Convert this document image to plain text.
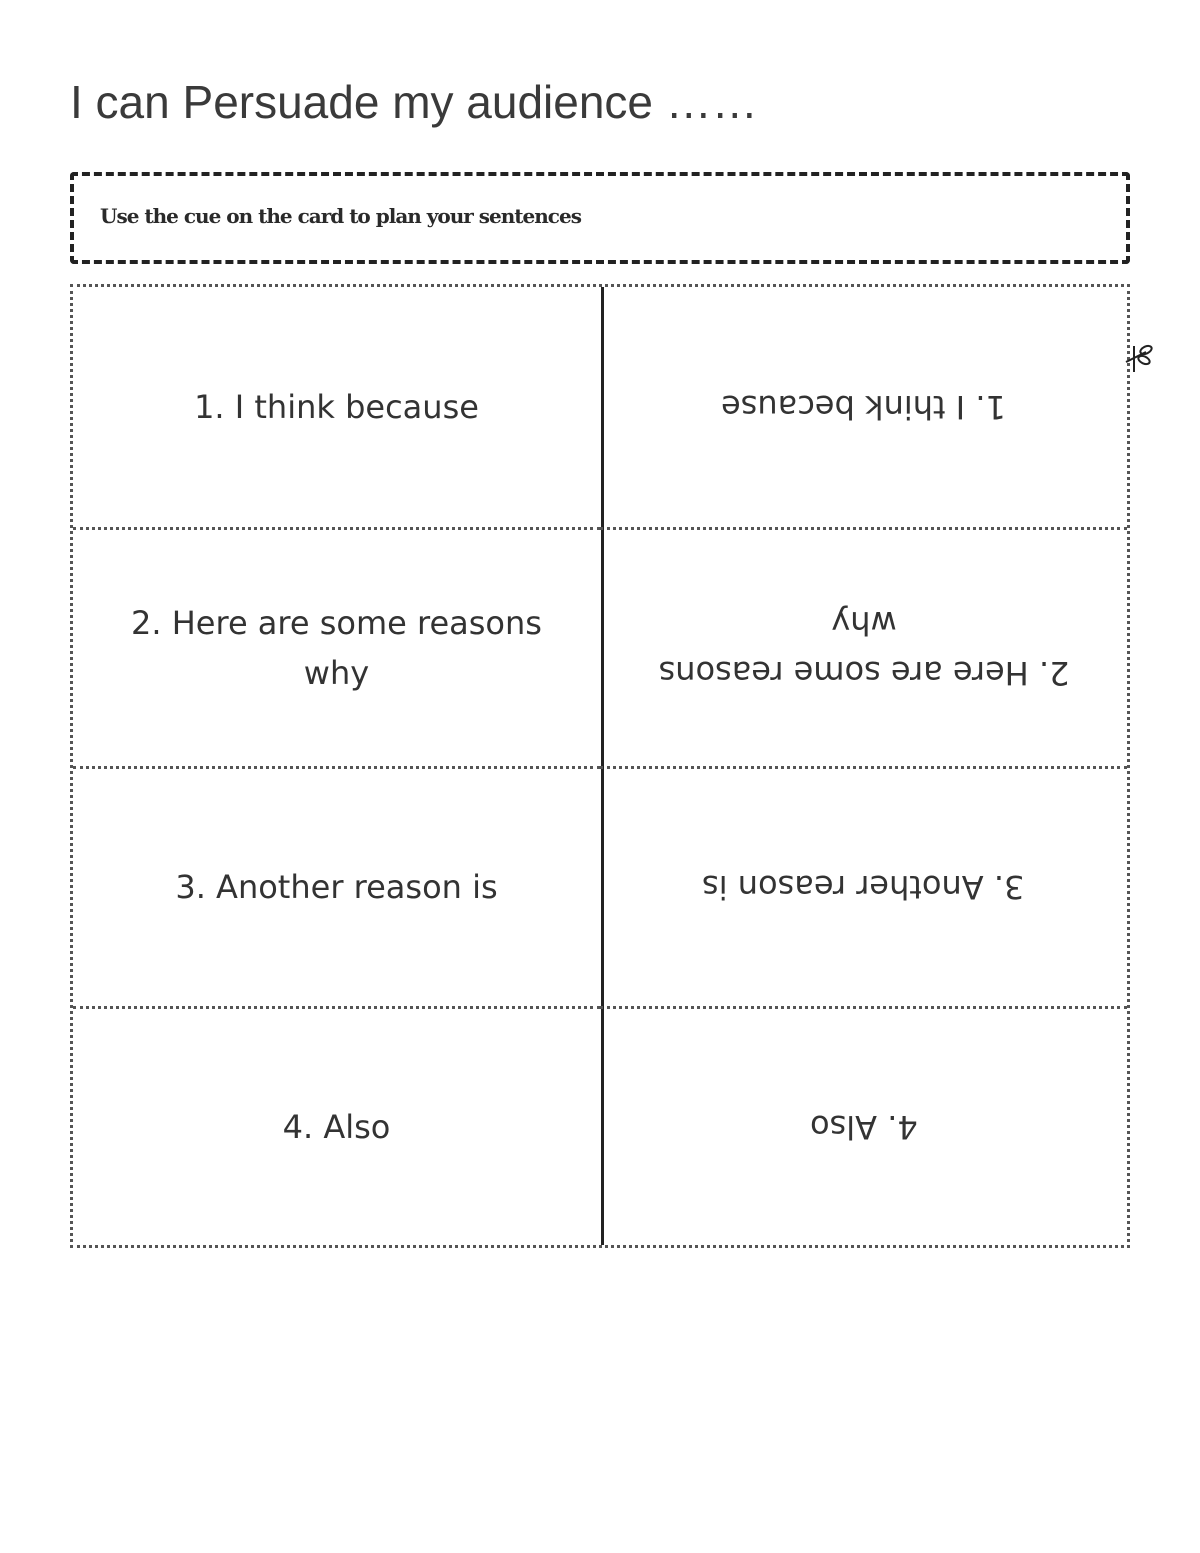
I can Persuade my audience ……
Use the cue on the card to plan your sentences
1. I think because	1. I think because
2. Here are some reasons why	2. Here are some reasons why
3. Another reason is	3. Another reason is
4. Also	4. Also
